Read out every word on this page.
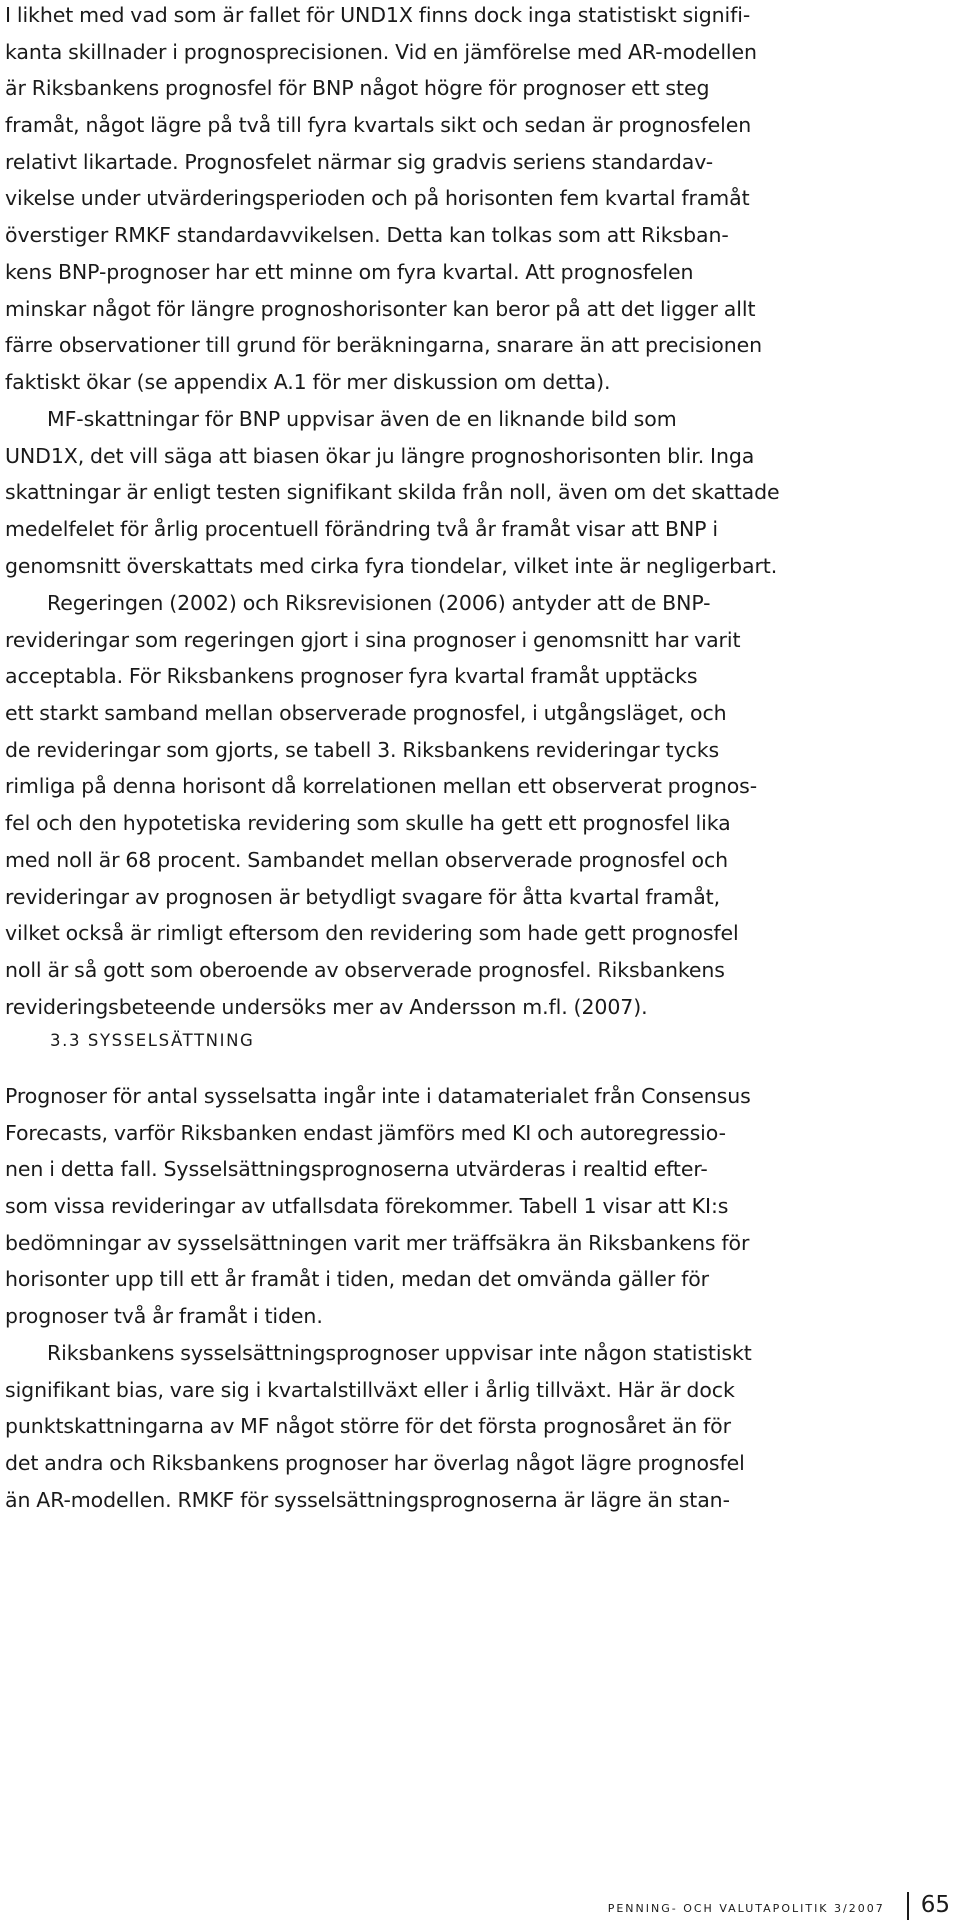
I likhet med vad som är fallet för UND1X finns dock inga statistiskt signifi-
kanta skillnader i prognosprecisionen. Vid en jämförelse med AR-modellen
är Riksbankens prognosfel för BNP något högre för prognoser ett steg
framåt, något lägre på två till fyra kvartals sikt och sedan är prognosfelen
relativt likartade. Prognosfelet närmar sig gradvis seriens standardav-
vikelse under utvärderingsperioden och på horisonten fem kvartal framåt
överstiger RMKF standardavvikelsen. Detta kan tolkas som att Riksban-
kens BNP-prognoser har ett minne om fyra kvartal. Att prognosfelen
minskar något för längre prognoshorisonter kan beror på att det ligger allt
färre observationer till grund för beräkningarna, snarare än att precisionen
faktiskt ökar (se appendix A.1 för mer diskussion om detta).
MF-skattningar för BNP uppvisar även de en liknande bild som
UND1X, det vill säga att biasen ökar ju längre prognoshorisonten blir. Inga
skattningar är enligt testen signifikant skilda från noll, även om det skattade
medelfelet för årlig procentuell förändring två år framåt visar att BNP i
genomsnitt överskattats med cirka fyra tiondelar, vilket inte är negligerbart.
Regeringen (2002) och Riksrevisionen (2006) antyder att de BNP-
revideringar som regeringen gjort i sina prognoser i genomsnitt har varit
acceptabla. För Riksbankens prognoser fyra kvartal framåt upptäcks
ett starkt samband mellan observerade prognosfel, i utgångsläget, och
de revideringar som gjorts, se tabell 3. Riksbankens revideringar tycks
rimliga på denna horisont då korrelationen mellan ett observerat prognos-
fel och den hypotetiska revidering som skulle ha gett ett prognosfel lika
med noll är 68 procent. Sambandet mellan observerade prognosfel och
revideringar av prognosen är betydligt svagare för åtta kvartal framåt,
vilket också är rimligt eftersom den revidering som hade gett prognosfel
noll är så gott som oberoende av observerade prognosfel. Riksbankens
revideringsbeteende undersöks mer av Andersson m.fl. (2007).
3.3 SYSSELSÄTTNING
Prognoser för antal sysselsatta ingår inte i datamaterialet från Consensus
Forecasts, varför Riksbanken endast jämförs med KI och autoregressio-
nen i detta fall. Sysselsättningsprognoserna utvärderas i realtid efter-
som vissa revideringar av utfallsdata förekommer. Tabell 1 visar att KI:s
bedömningar av sysselsättningen varit mer träffsäkra än Riksbankens för
horisonter upp till ett år framåt i tiden, medan det omvända gäller för
prognoser två år framåt i tiden.
Riksbankens sysselsättningsprognoser uppvisar inte någon statistiskt
signifikant bias, vare sig i kvartalstillväxt eller i årlig tillväxt. Här är dock
punktskattningarna av MF något större för det första prognosåret än för
det andra och Riksbankens prognoser har överlag något lägre prognosfel
än AR-modellen. RMKF för sysselsättningsprognoserna är lägre än stan-
PENNING- OCH VALUTAPOLITIK 3/2007 65
